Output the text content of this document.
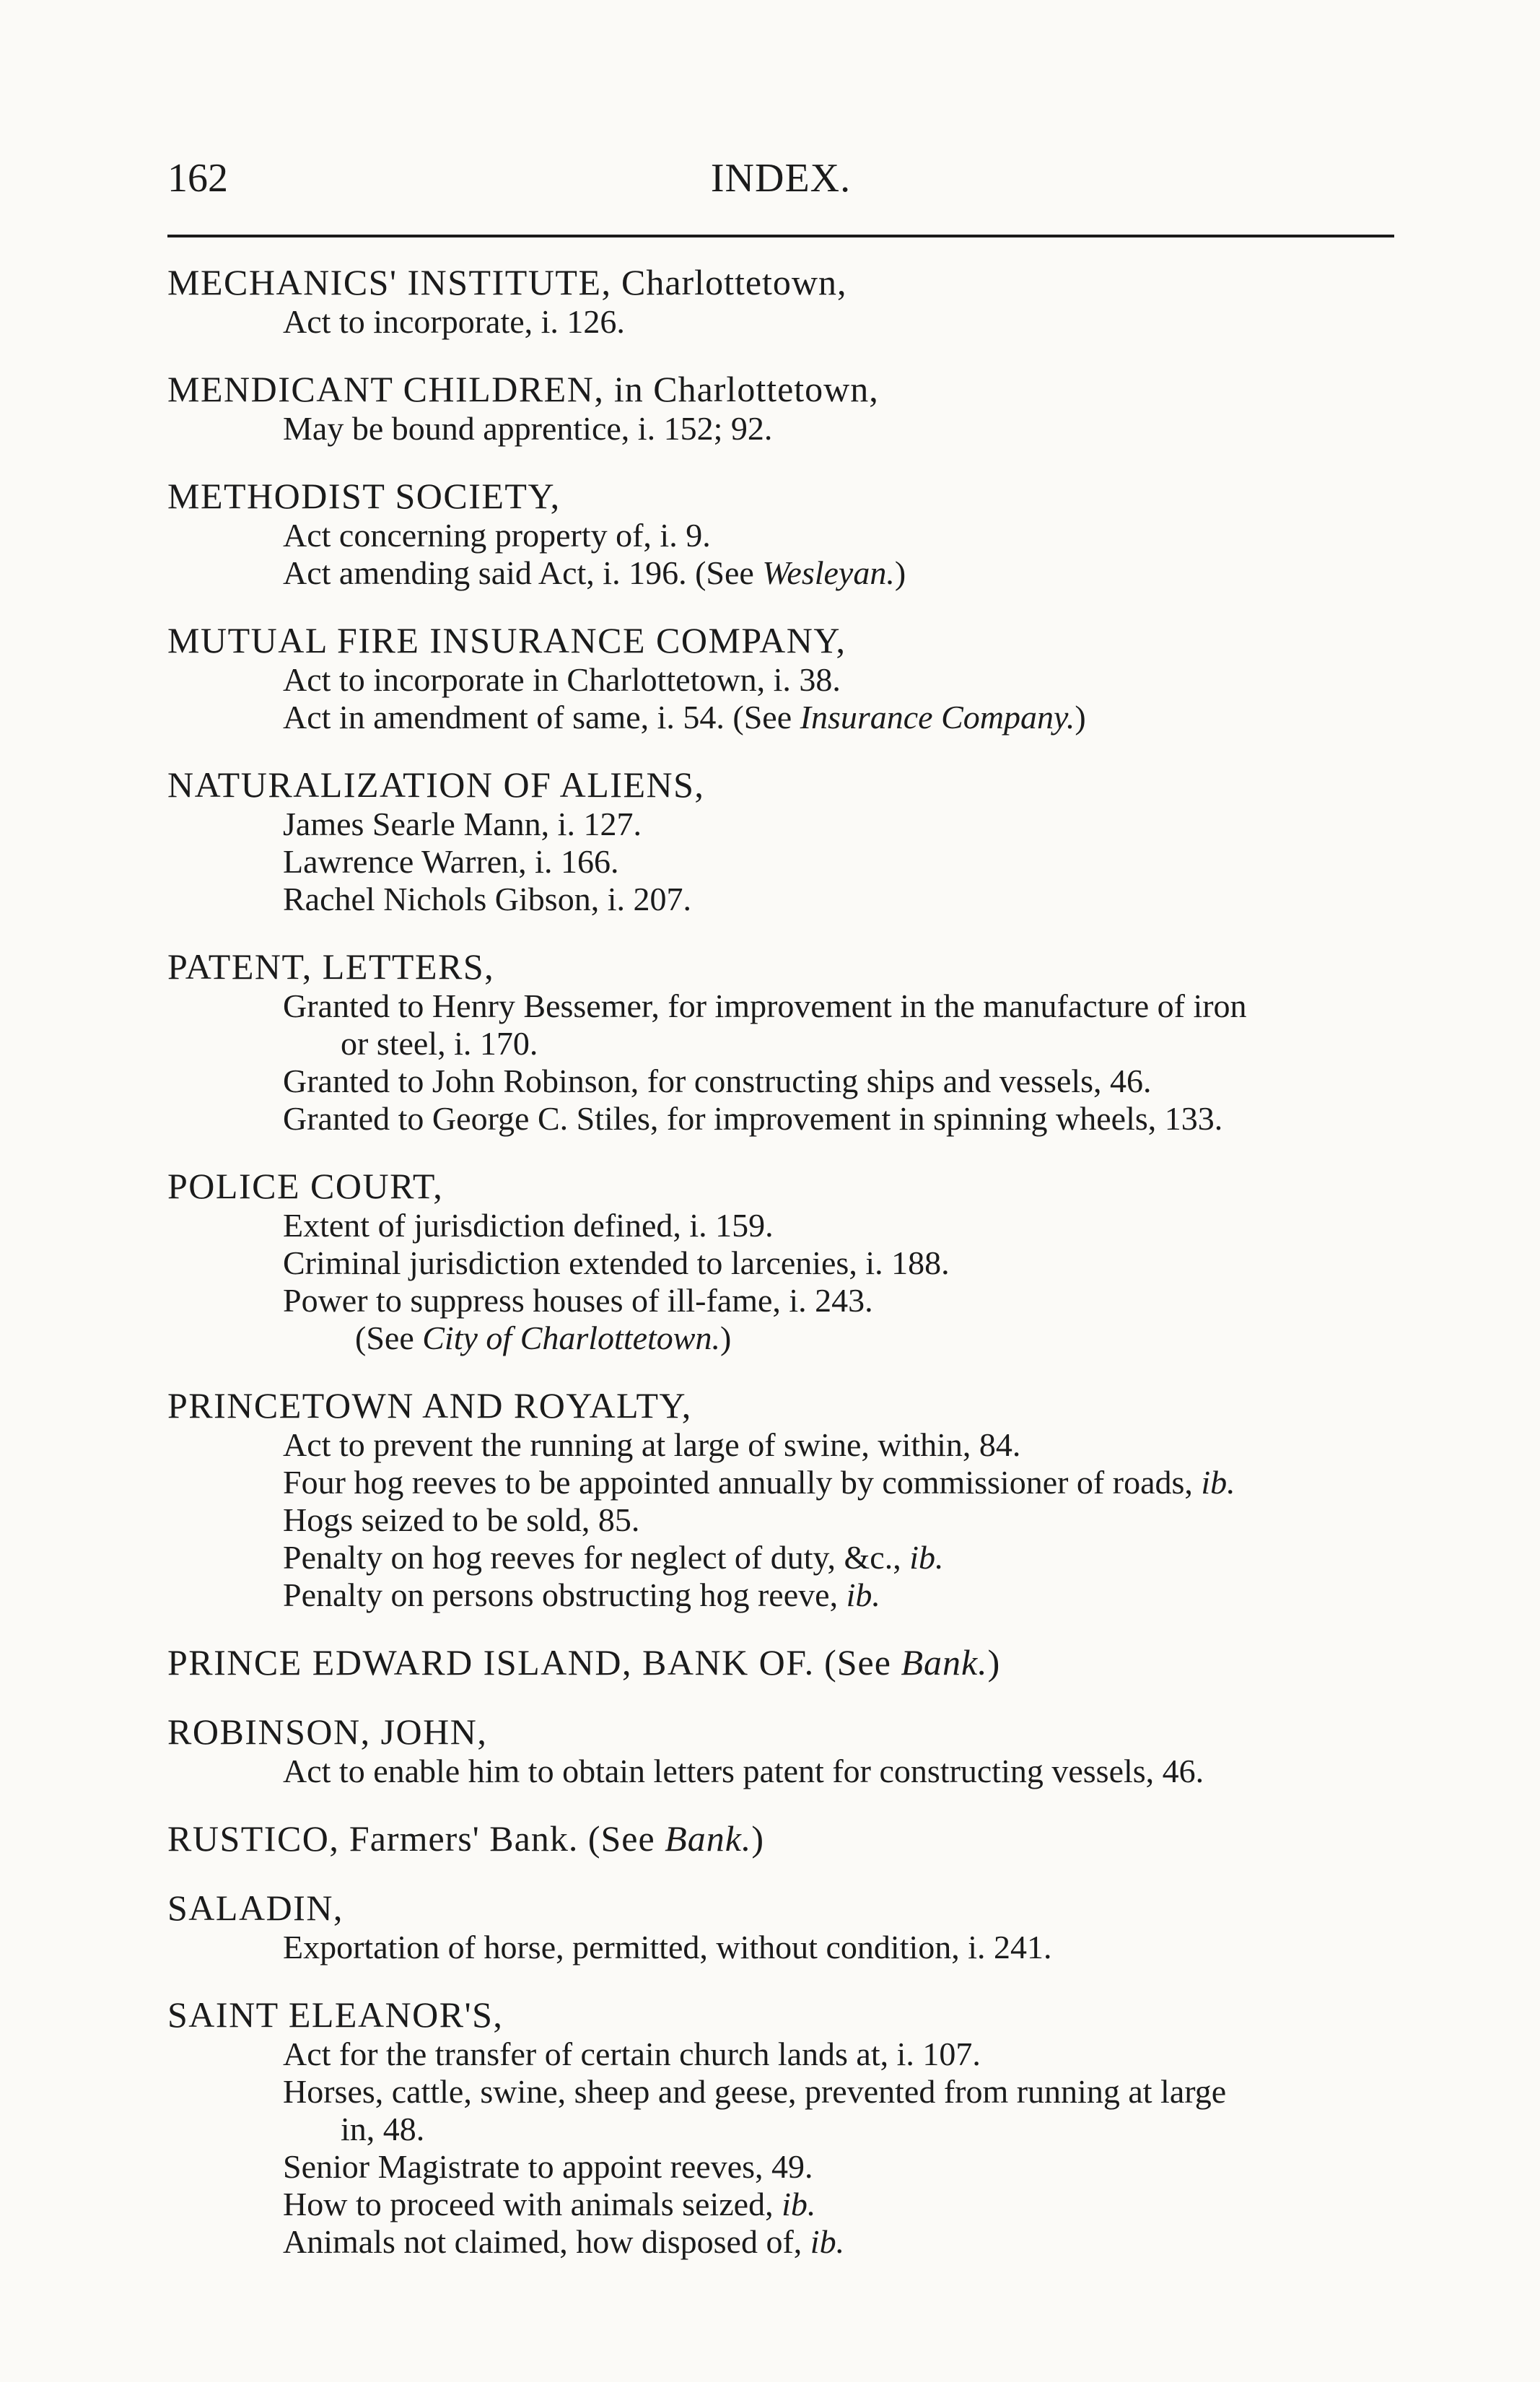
162	INDEX.
MECHANICS' INSTITUTE, Charlottetown,
Act to incorporate, i. 126.
MENDICANT CHILDREN, in Charlottetown,
May be bound apprentice, i. 152; 92.
METHODIST SOCIETY,
Act concerning property of, i. 9.
Act amending said Act, i. 196. (See Wesleyan.)
MUTUAL FIRE INSURANCE COMPANY,
Act to incorporate in Charlottetown, i. 38.
Act in amendment of same, i. 54. (See Insurance Company.)
NATURALIZATION OF ALIENS,
James Searle Mann, i. 127.
Lawrence Warren, i. 166.
Rachel Nichols Gibson, i. 207.
PATENT, LETTERS,
Granted to Henry Bessemer, for improvement in the manufacture of iron
or steel, i. 170.
Granted to John Robinson, for constructing ships and vessels, 46.
Granted to George C. Stiles, for improvement in spinning wheels, 133.
POLICE COURT,
Extent of jurisdiction defined, i. 159.
Criminal jurisdiction extended to larcenies, i. 188.
Power to suppress houses of ill-fame, i. 243.
(See City of Charlottetown.)
PRINCETOWN AND ROYALTY,
Act to prevent the running at large of swine, within, 84.
Four hog reeves to be appointed annually by commissioner of roads, ib.
Hogs seized to be sold, 85.
Penalty on hog reeves for neglect of duty, &c., ib.
Penalty on persons obstructing hog reeve, ib.
PRINCE EDWARD ISLAND, BANK OF. (See Bank.)
ROBINSON, JOHN,
Act to enable him to obtain letters patent for constructing vessels, 46.
RUSTICO, Farmers' Bank. (See Bank.)
SALADIN,
Exportation of horse, permitted, without condition, i. 241.
SAINT ELEANOR'S,
Act for the transfer of certain church lands at, i. 107.
Horses, cattle, swine, sheep and geese, prevented from running at large
in, 48.
Senior Magistrate to appoint reeves, 49.
How to proceed with animals seized, ib.
Animals not claimed, how disposed of, ib.
